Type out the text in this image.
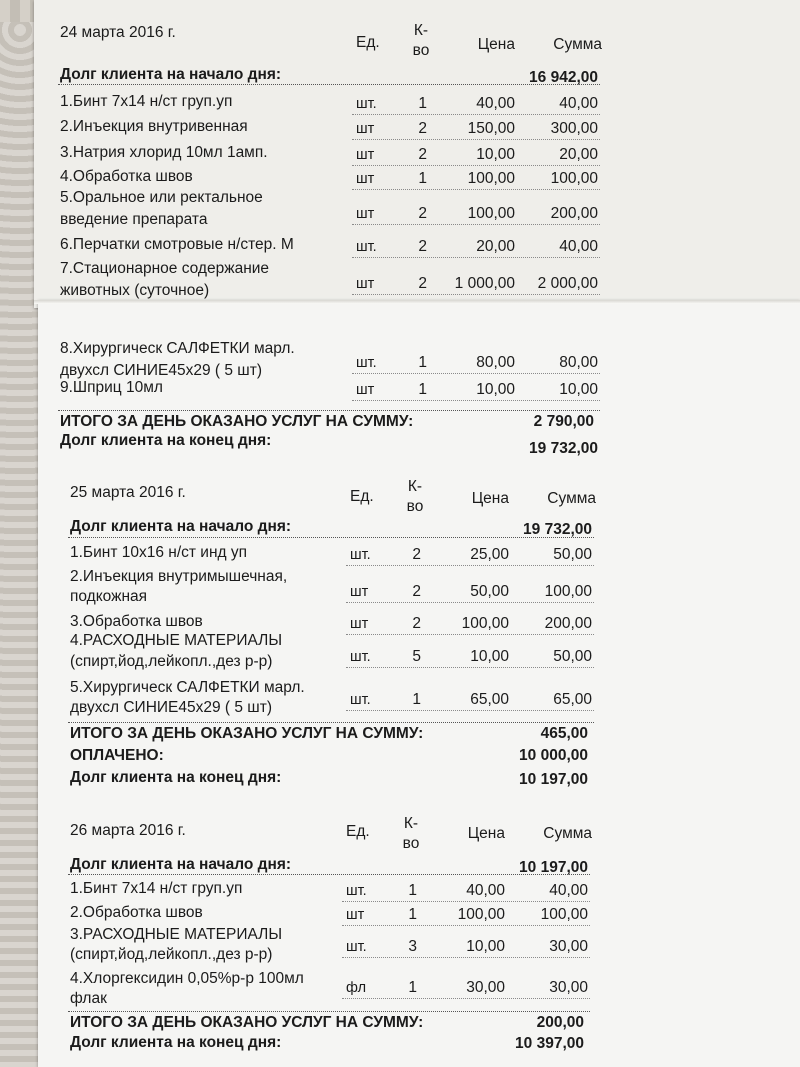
24 марта 2016 г.
Ед.
К-
во	Цена	Сумма
Долг клиента на начало дня:	16 942,00
1.Бинт 7х14 н/ст груп.уп	шт.	1	40,00	40,00
2.Инъекция внутривенная	шт	2	150,00	300,00
3.Натрия хлорид 10мл 1амп.	шт	2	10,00	20,00
4.Обработка швов	шт	1	100,00	100,00
5.Оральное или ректальное
введение препарата	шт	2	100,00	200,00
6.Перчатки смотровые н/стер. М	шт.	2	20,00	40,00
7.Стационарное содержание
животных (суточное)	шт	2	1 000,00	2 000,00
8.Хирургическ САЛФЕТКИ марл.
двухсл СИНИЕ45х29 ( 5 шт)	шт.	1	80,00	80,00
9.Шприц 10мл	шт	1	10,00	10,00
ИТОГО ЗА ДЕНЬ ОКАЗАНО УСЛУГ НА СУММУ:	2 790,00
Долг клиента на конец дня:	19 732,00
25 марта 2016 г.	Ед.
К-
во	Цена	Сумма
Долг клиента на начало дня:	19 732,00
1.Бинт 10х16 н/ст инд уп	шт.	2	25,00	50,00
2.Инъекция внутримышечная,
подкожная	шт	2	50,00	100,00
3.Обработка швов	шт	2	100,00	200,00
4.РАСХОДНЫЕ МАТЕРИАЛЫ
(спирт,йод,лейкопл.,дез р-р)	шт.	5	10,00	50,00
5.Хирургическ САЛФЕТКИ марл.
двухсл СИНИЕ45х29 ( 5 шт)	шт.	1	65,00	65,00
ИТОГО ЗА ДЕНЬ ОКАЗАНО УСЛУГ НА СУММУ:	465,00
ОПЛАЧЕНО:	10 000,00
Долг клиента на конец дня:	10 197,00
26 марта 2016 г.	Ед.	К-
во
Цена	Сумма
Долг клиента на начало дня:	10 197,00
1.Бинт 7х14 н/ст груп.уп	шт.	1	40,00	40,00
2.Обработка швов	шт	1	100,00	100,00
3.РАСХОДНЫЕ МАТЕРИАЛЫ
(спирт,йод,лейкопл.,дез р-р)	шт.	3	10,00	30,00
4.Хлоргексидин 0,05%р-р 100мл
флак
фл	1	30,00	30,00
ИТОГО ЗА ДЕНЬ ОКАЗАНО УСЛУГ НА СУММУ:	200,00
Долг клиента на конец дня:	10 397,00
